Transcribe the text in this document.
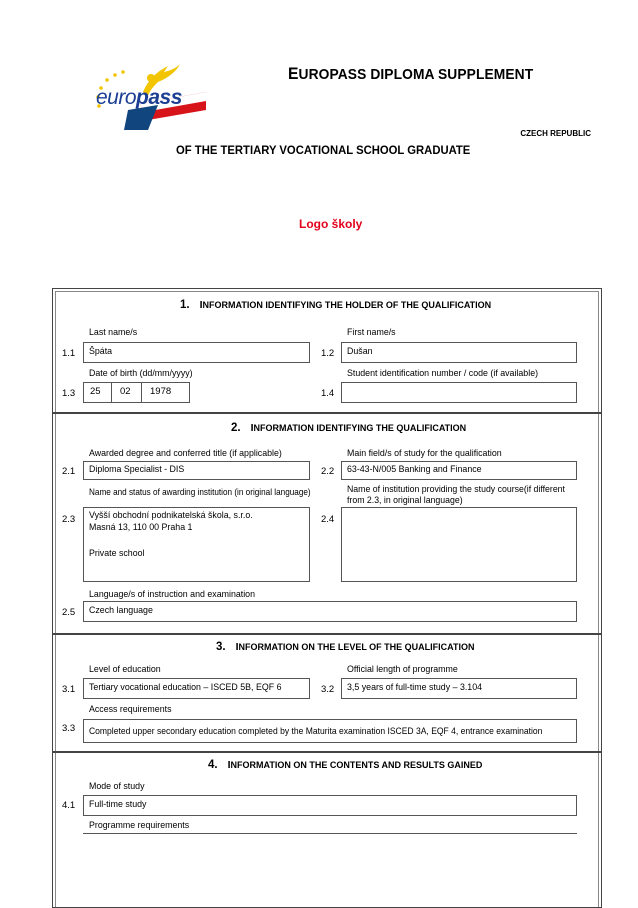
europass
EUROPASS DIPLOMA SUPPLEMENT
CZECH REPUBLIC
OF THE TERTIARY VOCATIONAL SCHOOL GRADUATE
Logo školy
1. INFORMATION IDENTIFYING THE HOLDER OF THE QUALIFICATION
Last name/s	First name/s
1.1	Špáta	1.2	Dušan
Date of birth (dd/mm/yyyy)	Student identification number / code (if available)
1.3 25 02 1978	1.4
2. INFORMATION IDENTIFYING THE QUALIFICATION
Awarded degree and conferred title (if applicable)	Main field/s of study for the qualification
2.1	Diploma Specialist - DIS	2.2	63-43-N/005 Banking and Finance
Name and status of awarding institution (in original language)	Name of institution providing the study course(if different from 2.3, in original language)
2.3 Vyšší obchodní podnikatelská škola, s.r.o.
Masná 13, 110 00 Praha 1
Private school
2.4
Language/s of instruction and examination
2.5	Czech language
3. INFORMATION ON THE LEVEL OF THE QUALIFICATION
Level of education	Official length of programme
3.1	Tertiary vocational education – ISCED 5B, EQF 6	3.2	3,5 years of full-time study – 3.104
Access requirements
3.3	Completed upper secondary education completed by the Maturita examination ISCED 3A, EQF 4, entrance examination
4. INFORMATION ON THE CONTENTS AND RESULTS GAINED
Mode of study
4.1	Full-time study
Programme requirements
